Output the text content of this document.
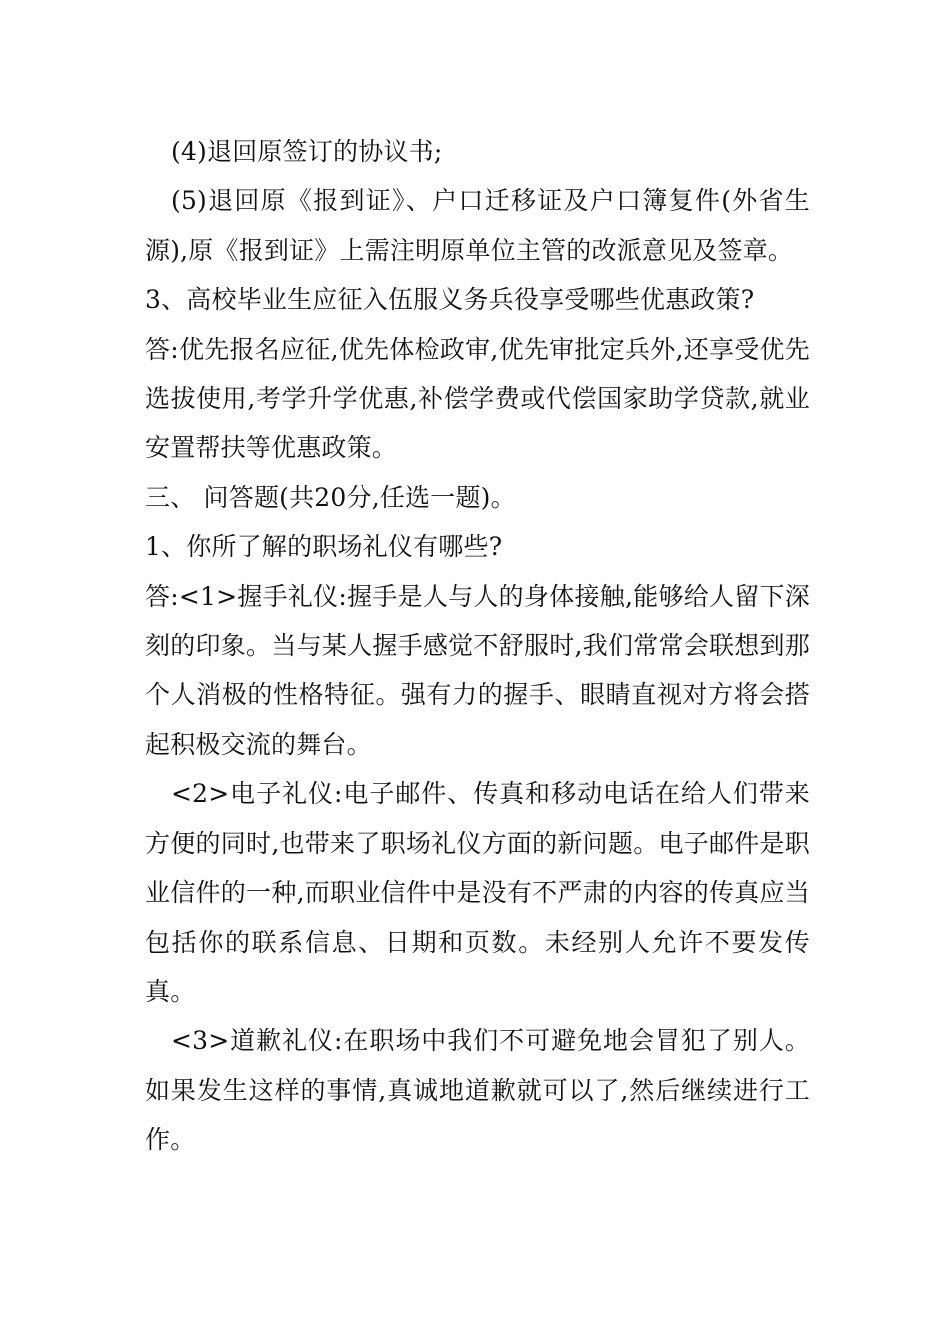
(4)退回原签订的协议书;

(5)退回原《报到证》、户口迁移证及户口簿复件(外省生源),原《报到证》上需注明原单位主管的改派意见及签章。

3、高校毕业生应征入伍服义务兵役享受哪些优惠政策?

答:优先报名应征,优先体检政审,优先审批定兵外,还享受优先选拔使用,考学升学优惠,补偿学费或代偿国家助学贷款,就业安置帮扶等优惠政策。

三、 问答题(共20分,任选一题)。

1、你所了解的职场礼仪有哪些?

答:<1>握手礼仪:握手是人与人的身体接触,能够给人留下深刻的印象。当与某人握手感觉不舒服时,我们常常会联想到那个人消极的性格特征。强有力的握手、眼睛直视对方将会搭起积极交流的舞台。

<2>电子礼仪:电子邮件、传真和移动电话在给人们带来方便的同时,也带来了职场礼仪方面的新问题。电子邮件是职业信件的一种,而职业信件中是没有不严肃的内容的传真应当包括你的联系信息、日期和页数。未经别人允许不要发传真。

<3>道歉礼仪:在职场中我们不可避免地会冒犯了别人。如果发生这样的事情,真诚地道歉就可以了,然后继续进行工作。
